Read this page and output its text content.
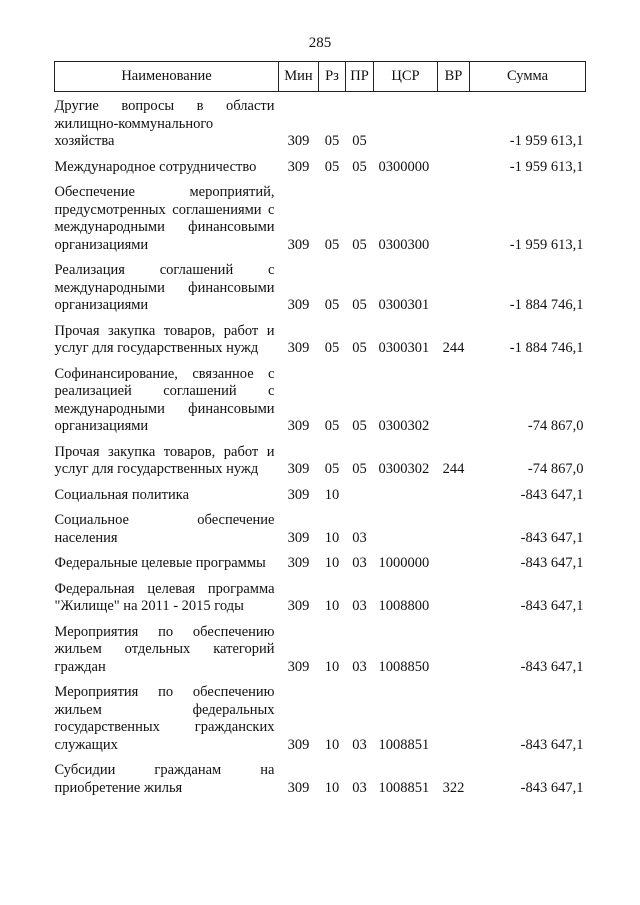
285
Наименование	Мин	Рз	ПР	ЦСР	ВР	Сумма
Другие вопросы в области жилищно-коммунального хозяйства	309	05	05			-1 959 613,1
Международное сотрудничество	309	05	05	0300000		-1 959 613,1
Обеспечение мероприятий, предусмотренных соглашениями с международными финансовыми организациями	309	05	05	0300300		-1 959 613,1
Реализация соглашений с международными финансовыми организациями	309	05	05	0300301		-1 884 746,1
Прочая закупка товаров, работ и услуг для государственных нужд	309	05	05	0300301	244	-1 884 746,1
Софинансирование, связанное с реализацией соглашений с международными финансовыми организациями	309	05	05	0300302		-74 867,0
Прочая закупка товаров, работ и услуг для государственных нужд	309	05	05	0300302	244	-74 867,0
Социальная политика	309	10				-843 647,1
Социальное обеспечение населения	309	10	03			-843 647,1
Федеральные целевые программы	309	10	03	1000000		-843 647,1
Федеральная целевая программа "Жилище" на 2011 - 2015 годы	309	10	03	1008800		-843 647,1
Мероприятия по обеспечению жильем отдельных категорий граждан	309	10	03	1008850		-843 647,1
Мероприятия по обеспечению жильем федеральных государственных гражданских служащих	309	10	03	1008851		-843 647,1
Субсидии гражданам на приобретение жилья	309	10	03	1008851	322	-843 647,1
